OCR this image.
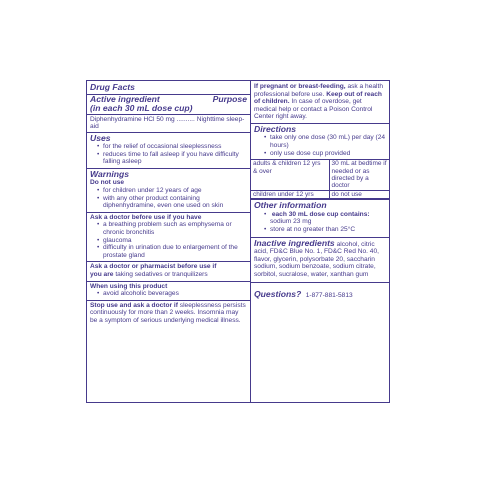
Drug Facts
Active ingredient	Purpose
(in each 30 mL dose cup)
Diphenhydramine HCl 50 mg .......... Nighttime sleep-aid
Uses
• for the relief of occasional sleeplessness
• reduces time to fall asleep if you have difficulty falling asleep
Warnings
Do not use
• for children under 12 years of age
• with any other product containing diphenhydramine, even one used on skin
Ask a doctor before use if you have
• a breathing problem such as emphysema or chronic bronchitis
• glaucoma
• difficulty in urination due to enlargement of the prostate gland
Ask a doctor or pharmacist before use if
you are taking sedatives or tranquilizers
When using this product
• avoid alcoholic beverages
Stop use and ask a doctor if sleeplessness persists continuously for more than 2 weeks. Insomnia may be a symptom of serious underlying medical illness.
If pregnant or breast-feeding, ask a health professional before use. Keep out of reach of children. In case of overdose, get medical help or contact a Poison Control Center right away.
Directions
• take only one dose (30 mL) per day (24 hours)
• only use dose cup provided
adults & children 12 yrs & over	30 mL at bedtime if needed or as directed by a doctor
children under 12 yrs	do not use
Other information
• each 30 mL dose cup contains:
sodium 23 mg
• store at no greater than 25°C
Inactive ingredients alcohol, citric acid, FD&C Blue No. 1, FD&C Red No. 40, flavor, glycerin, polysorbate 20, saccharin sodium, sodium benzoate, sodium citrate, sorbitol, sucralose, water, xanthan gum
Questions? 1-877-881-5813
